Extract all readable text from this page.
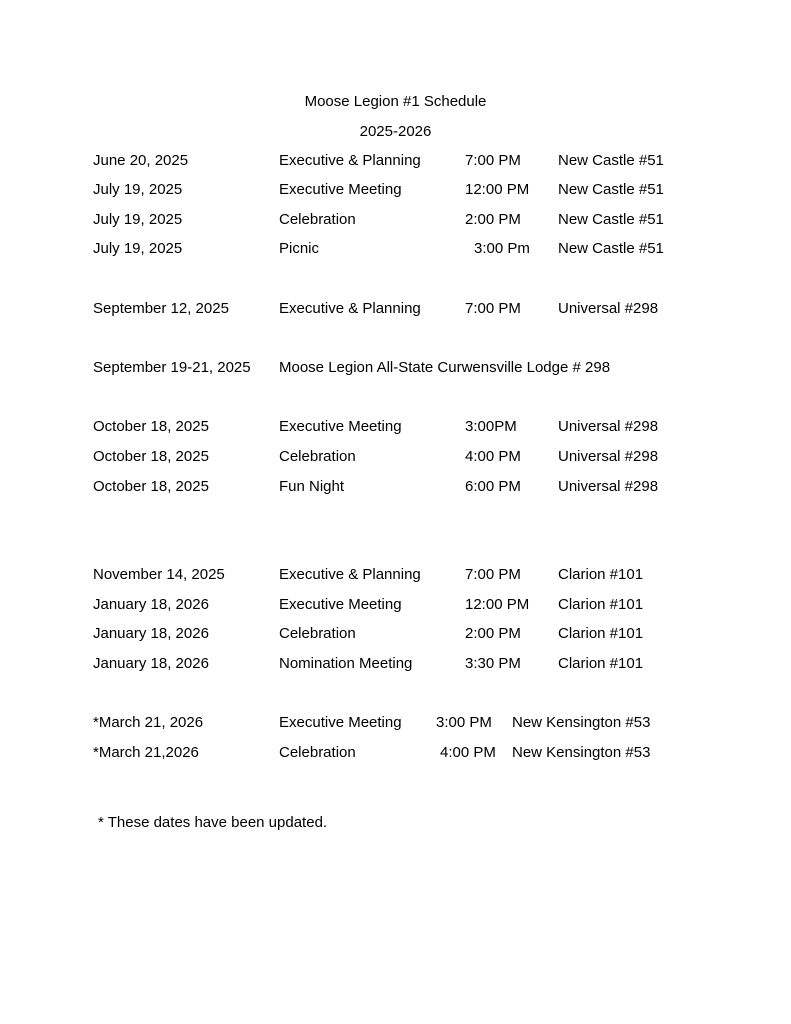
Moose Legion #1 Schedule
2025-2026
June 20, 2025	Executive & Planning	7:00 PM New Castle #51
July 19, 2025	Executive Meeting	12:00 PM New Castle #51
July 19, 2025	Celebration	2:00 PM New Castle #51
July 19, 2025	Picnic	3:00 Pm New Castle #51
September 12, 2025	Executive & Planning	7:00 PM Universal #298
September 19-21, 2025 Moose Legion All-State Curwensville Lodge # 298
October 18, 2025	Executive Meeting	3:00PM	Universal #298
October 18, 2025	Celebration	4:00 PM Universal #298
October 18, 2025	Fun Night	6:00 PM Universal #298
November 14, 2025	Executive & Planning	7:00 PM Clarion #101
January 18, 2026	Executive Meeting	12:00 PM Clarion #101
January 18, 2026	Celebration	2:00 PM Clarion #101
January 18, 2026	Nomination Meeting	3:30 PM Clarion #101
*March 21, 2026	Executive Meeting 3:00 PM New Kensington #53
*March 21,2026	Celebration	4:00 PM New Kensington #53
* These dates have been updated.
